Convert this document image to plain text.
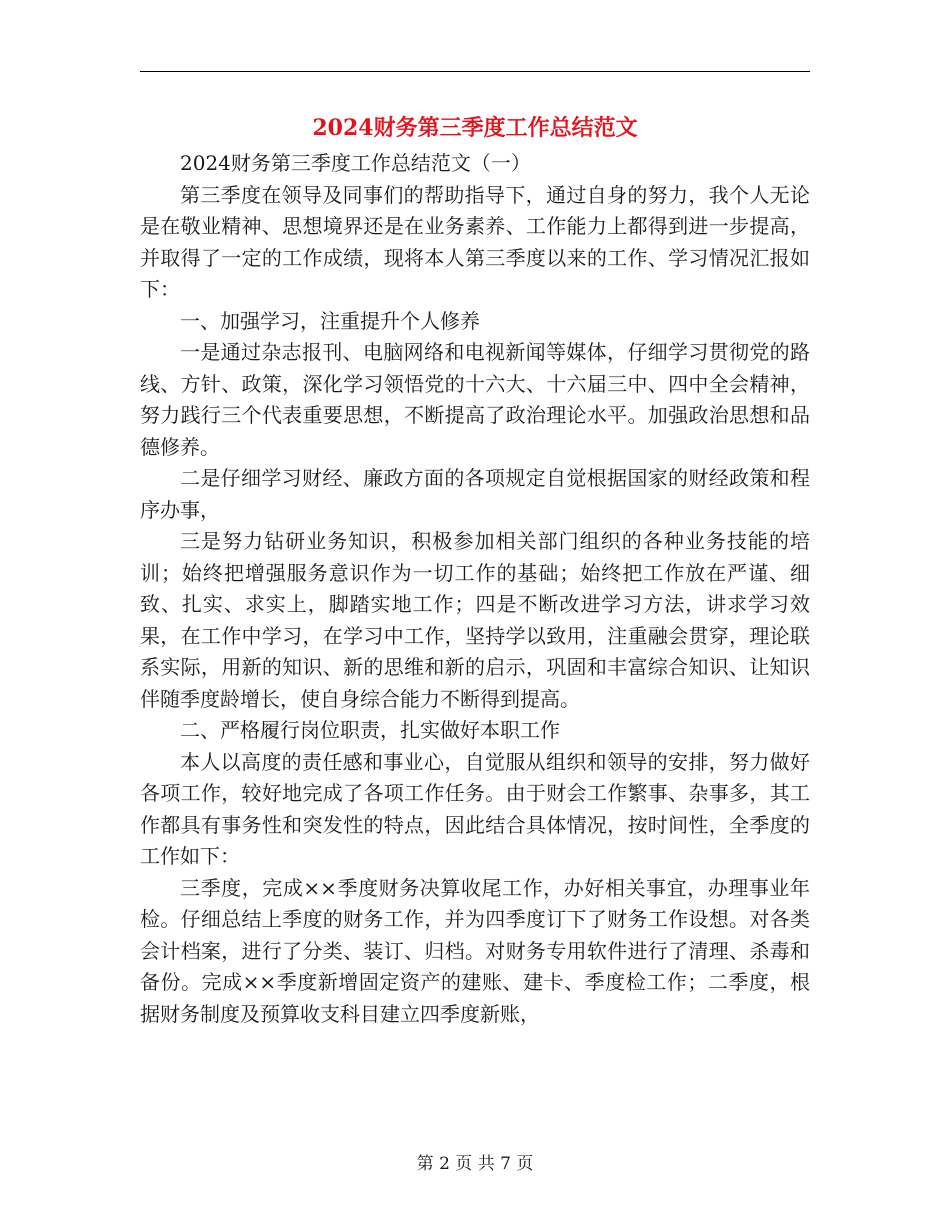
2024财务第三季度工作总结范文

2024财务第三季度工作总结范文（一）

第三季度在领导及同事们的帮助指导下，通过自身的努力，我个人无论是在敬业精神、思想境界还是在业务素养、工作能力上都得到进一步提高，并取得了一定的工作成绩，现将本人第三季度以来的工作、学习情况汇报如下：

一、加强学习，注重提升个人修养

一是通过杂志报刊、电脑网络和电视新闻等媒体，仔细学习贯彻党的路线、方针、政策，深化学习领悟党的十六大、十六届三中、四中全会精神，努力践行三个代表重要思想，不断提高了政治理论水平。加强政治思想和品德修养。

二是仔细学习财经、廉政方面的各项规定自觉根据国家的财经政策和程序办事，

三是努力钻研业务知识，积极参加相关部门组织的各种业务技能的培训；始终把增强服务意识作为一切工作的基础；始终把工作放在严谨、细致、扎实、求实上，脚踏实地工作；四是不断改进学习方法，讲求学习效果，在工作中学习，在学习中工作，坚持学以致用，注重融会贯穿，理论联系实际，用新的知识、新的思维和新的启示，巩固和丰富综合知识、让知识伴随季度龄增长，使自身综合能力不断得到提高。

二、严格履行岗位职责，扎实做好本职工作

本人以高度的责任感和事业心，自觉服从组织和领导的安排，努力做好各项工作，较好地完成了各项工作任务。由于财会工作繁事、杂事多，其工作都具有事务性和突发性的特点，因此结合具体情况，按时间性，全季度的工作如下：

三季度，完成××季度财务决算收尾工作，办好相关事宜，办理事业年检。仔细总结上季度的财务工作，并为四季度订下了财务工作设想。对各类会计档案，进行了分类、装订、归档。对财务专用软件进行了清理、杀毒和备份。完成××季度新增固定资产的建账、建卡、季度检工作；二季度，根据财务制度及预算收支科目建立四季度新账，

第 2 页 共 7 页
